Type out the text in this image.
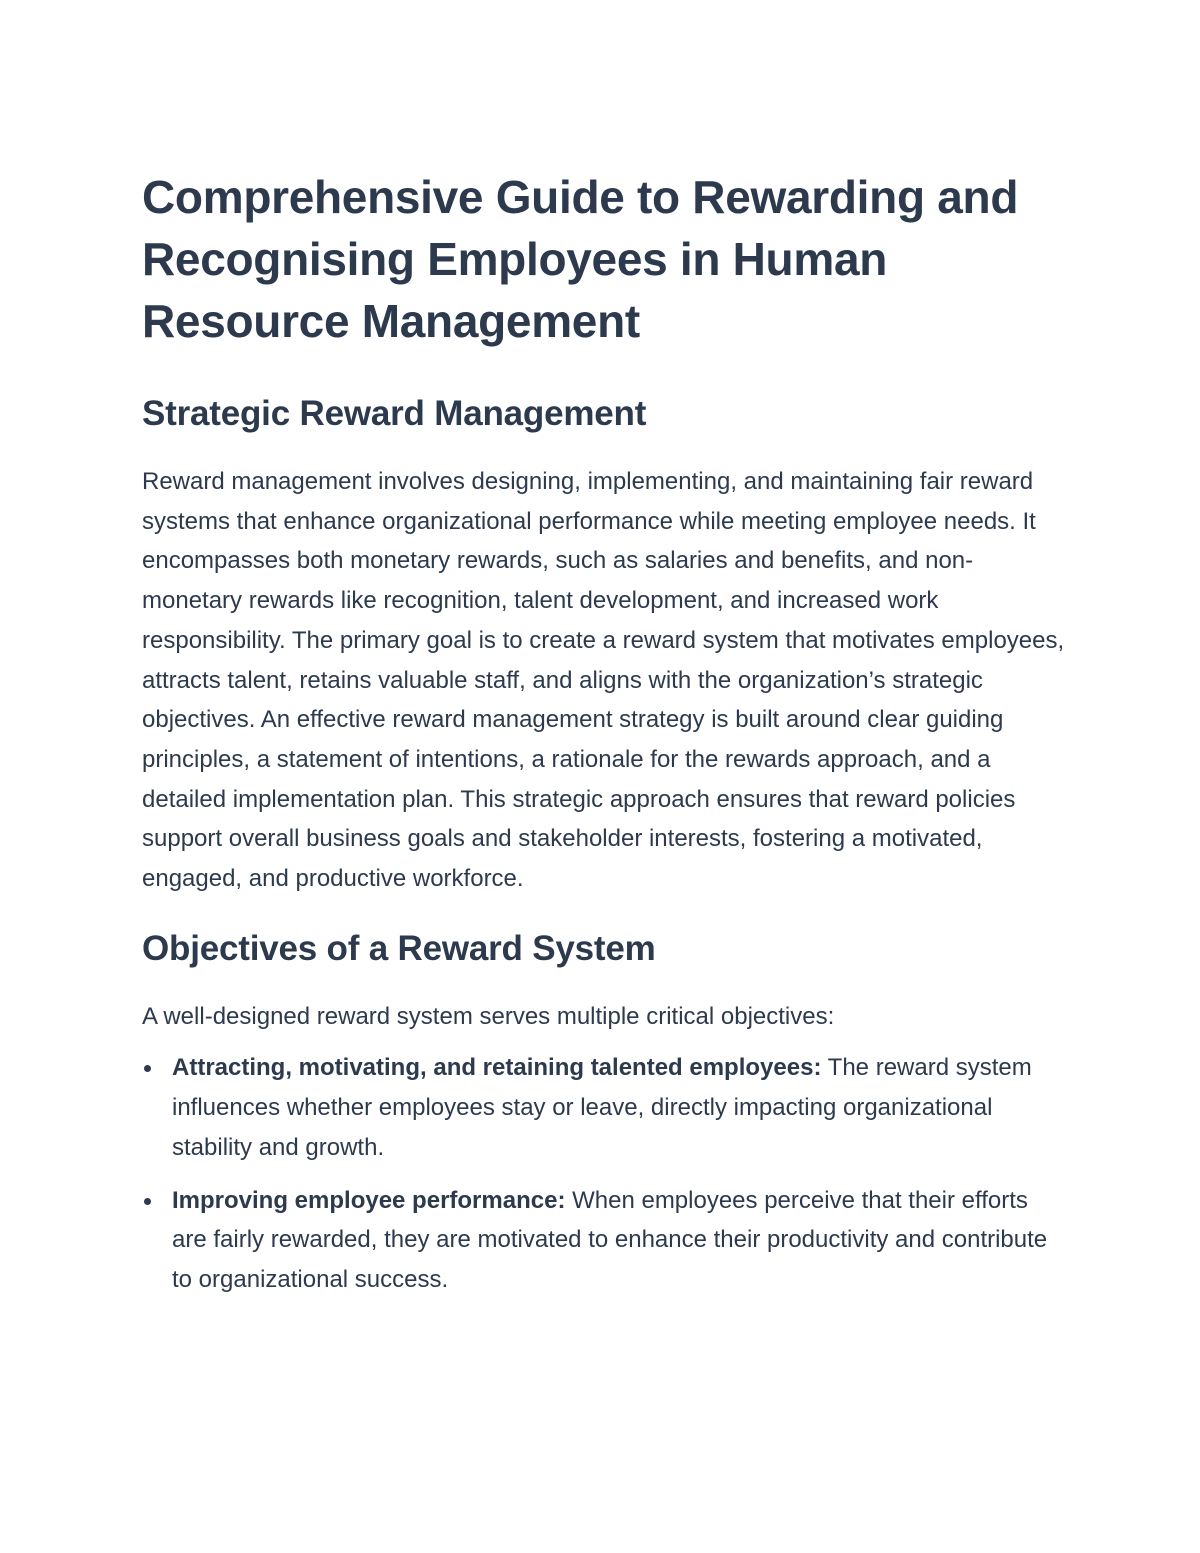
Comprehensive Guide to Rewarding and Recognising Employees in Human Resource Management
Strategic Reward Management

Reward management involves designing, implementing, and maintaining fair reward systems that enhance organizational performance while meeting employee needs. It encompasses both monetary rewards, such as salaries and benefits, and non-monetary rewards like recognition, talent development, and increased work responsibility. The primary goal is to create a reward system that motivates employees, attracts talent, retains valuable staff, and aligns with the organization’s strategic objectives. An effective reward management strategy is built around clear guiding principles, a statement of intentions, a rationale for the rewards approach, and a detailed implementation plan. This strategic approach ensures that reward policies support overall business goals and stakeholder interests, fostering a motivated, engaged, and productive workforce.

Objectives of a Reward System

A well-designed reward system serves multiple critical objectives:

Attracting, motivating, and retaining talented employees: The reward system influences whether employees stay or leave, directly impacting organizational stability and growth.
Improving employee performance: When employees perceive that their efforts are fairly rewarded, they are motivated to enhance their productivity and contribute to organizational success.
